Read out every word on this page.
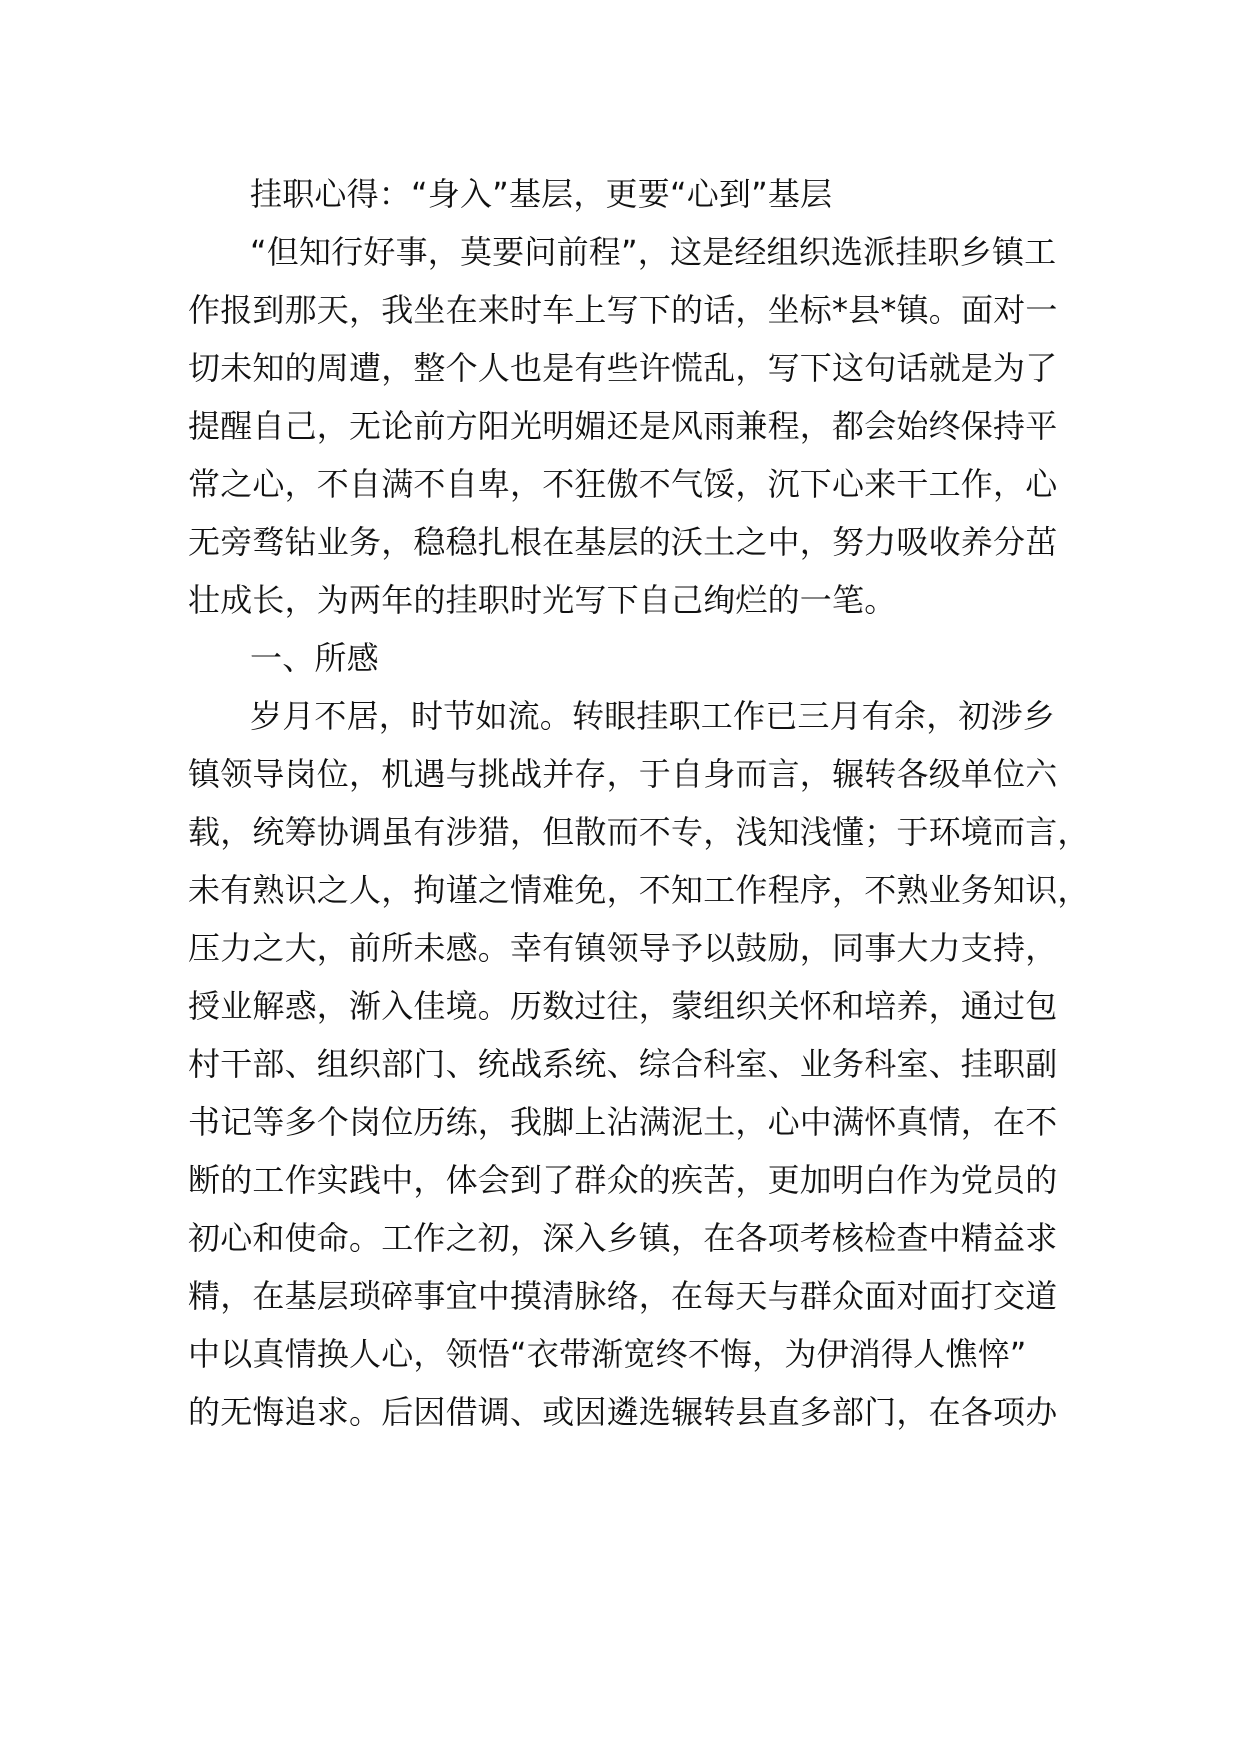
挂职心得：“身入”基层，更要“心到”基层

“但知行好事，莫要问前程”，这是经组织选派挂职乡镇工

作报到那天，我坐在来时车上写下的话，坐标*县*镇。面对一

切未知的周遭，整个人也是有些许慌乱，写下这句话就是为了

提醒自己，无论前方阳光明媚还是风雨兼程，都会始终保持平

常之心，不自满不自卑，不狂傲不气馁，沉下心来干工作，心

无旁骛钻业务，稳稳扎根在基层的沃土之中，努力吸收养分茁

壮成长，为两年的挂职时光写下自己绚烂的一笔。

一、所感

岁月不居，时节如流。转眼挂职工作已三月有余，初涉乡

镇领导岗位，机遇与挑战并存，于自身而言，辗转各级单位六

载，统筹协调虽有涉猎，但散而不专，浅知浅懂；于环境而言，

未有熟识之人，拘谨之情难免，不知工作程序，不熟业务知识，

压力之大，前所未感。幸有镇领导予以鼓励，同事大力支持，

授业解惑，渐入佳境。历数过往，蒙组织关怀和培养，通过包

村干部、组织部门、统战系统、综合科室、业务科室、挂职副

书记等多个岗位历练，我脚上沾满泥土，心中满怀真情，在不

断的工作实践中，体会到了群众的疾苦，更加明白作为党员的

初心和使命。工作之初，深入乡镇，在各项考核检查中精益求

精，在基层琐碎事宜中摸清脉络，在每天与群众面对面打交道

中以真情换人心，领悟“衣带渐宽终不悔，为伊消得人憔悴”

的无悔追求。后因借调、或因遴选辗转县直多部门，在各项办
